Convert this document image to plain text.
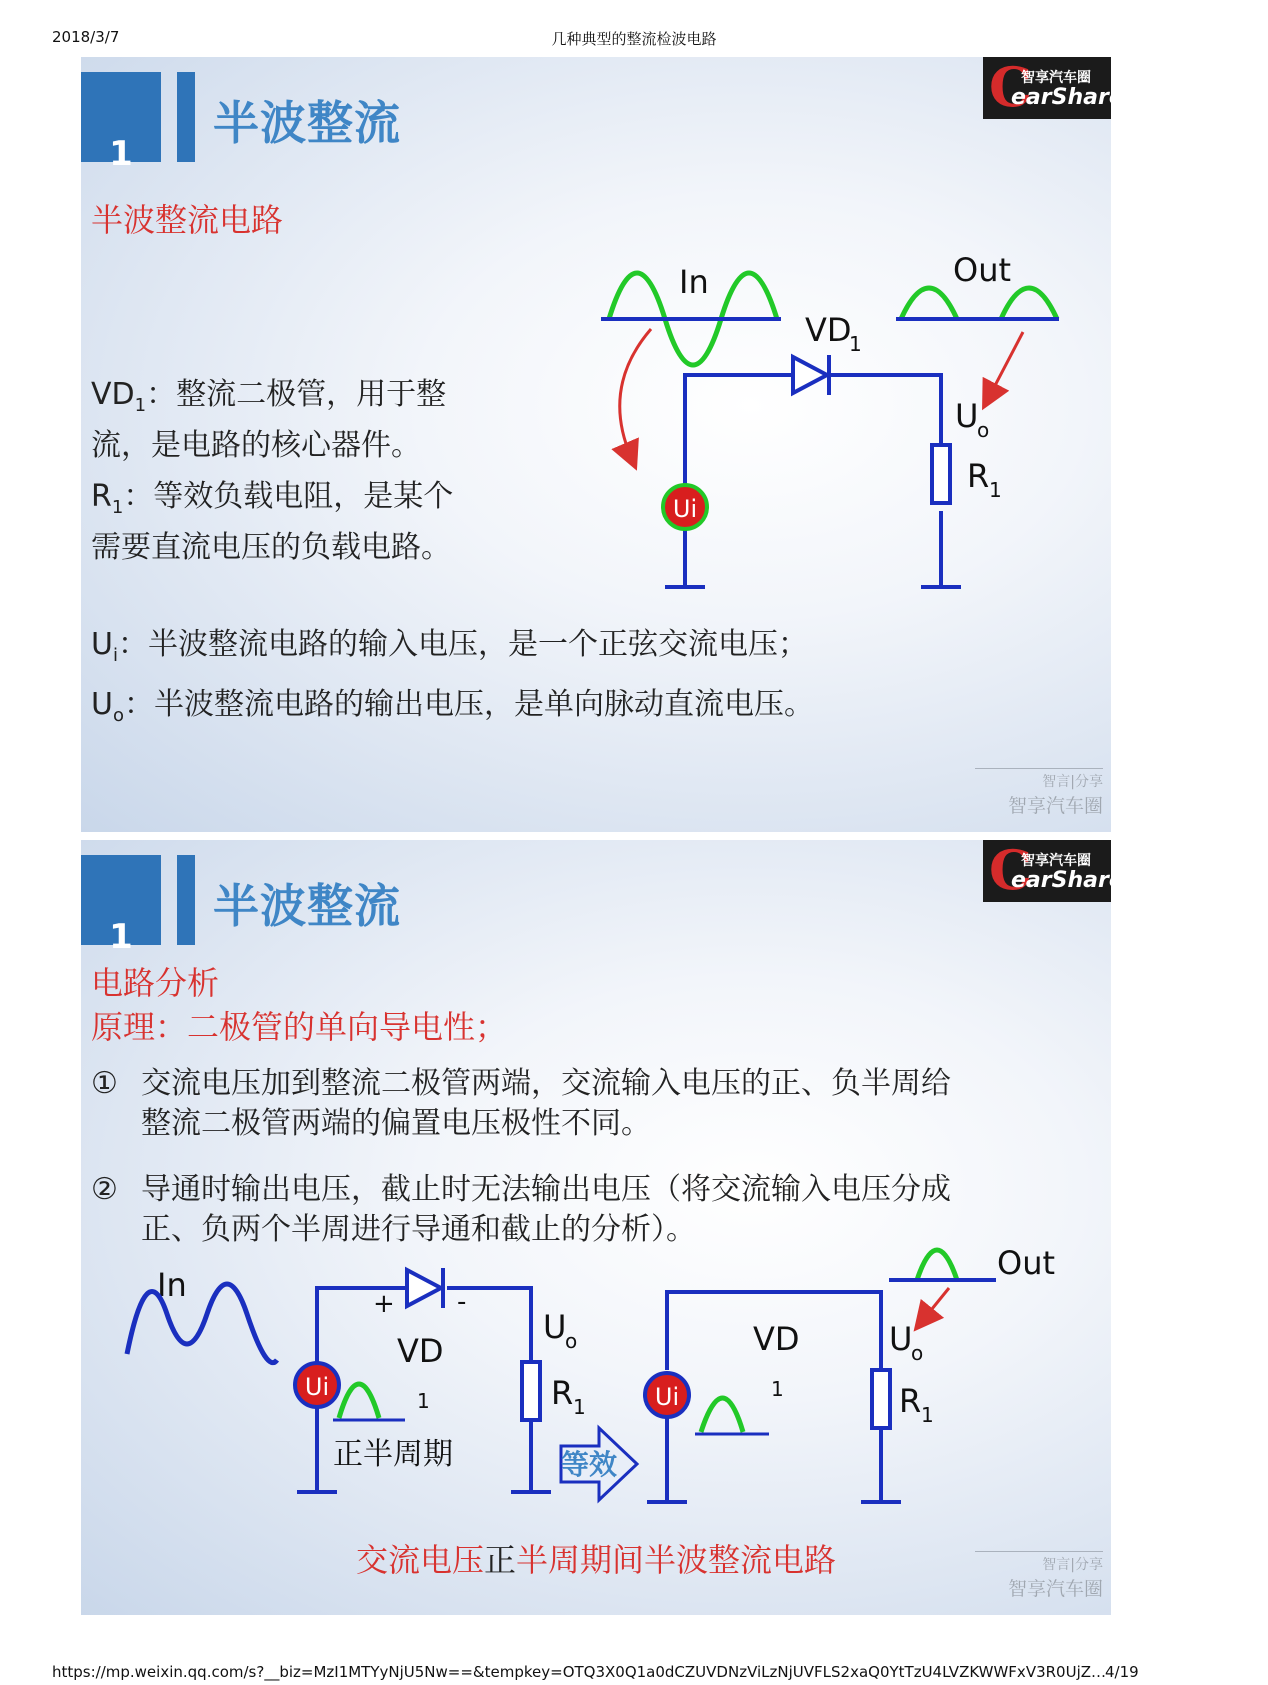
2018/3/7	几种典型的整流检波电路
1
半波整流
C
智享汽车圈
earShare
半波整流电路
$VD_1$：整流二极管，用于整
流，是电路的核心器件。
$R_1$：等效负载电阻，是某个
需要直流电压的负载电路。
$U_i$：半波整流电路的输入电压，是一个正弦交流电压；
$U_o$：半波整流电路的输出电压，是单向脉动直流电压。
In	Out
VD
1
R 1
U
o
Ui
智言|分享
智享汽车圈
1
半波整流
C
智享汽车圈
earShare
电路分析
原理：二极管的单向导电性；
① 交流电压加到整流二极管两端，交流输入电压的正、负半周给
整流二极管两端的偏置电压极性不同。
② 导通时输出电压，截止时无法输出电压（将交流输入电压分成
正、负两个半周进行导通和截止的分析）。
In	+ -
VD
1	R 1
U
o
Ui
正半周期	等效
VD
1	R 1
U
o
Ui
Out
交流电压正半周期间半波整流电路	智言|分享
智享汽车圈
https://mp.weixin.qq.com/s?__biz=MzI1MTYyNjU5Nw==&tempkey=OTQ3X0Q1a0dCZUVDNzViLzNjUVFLS2xaQ0YtTzU4LVZKWWFxV3R0UjZ…
4/19
